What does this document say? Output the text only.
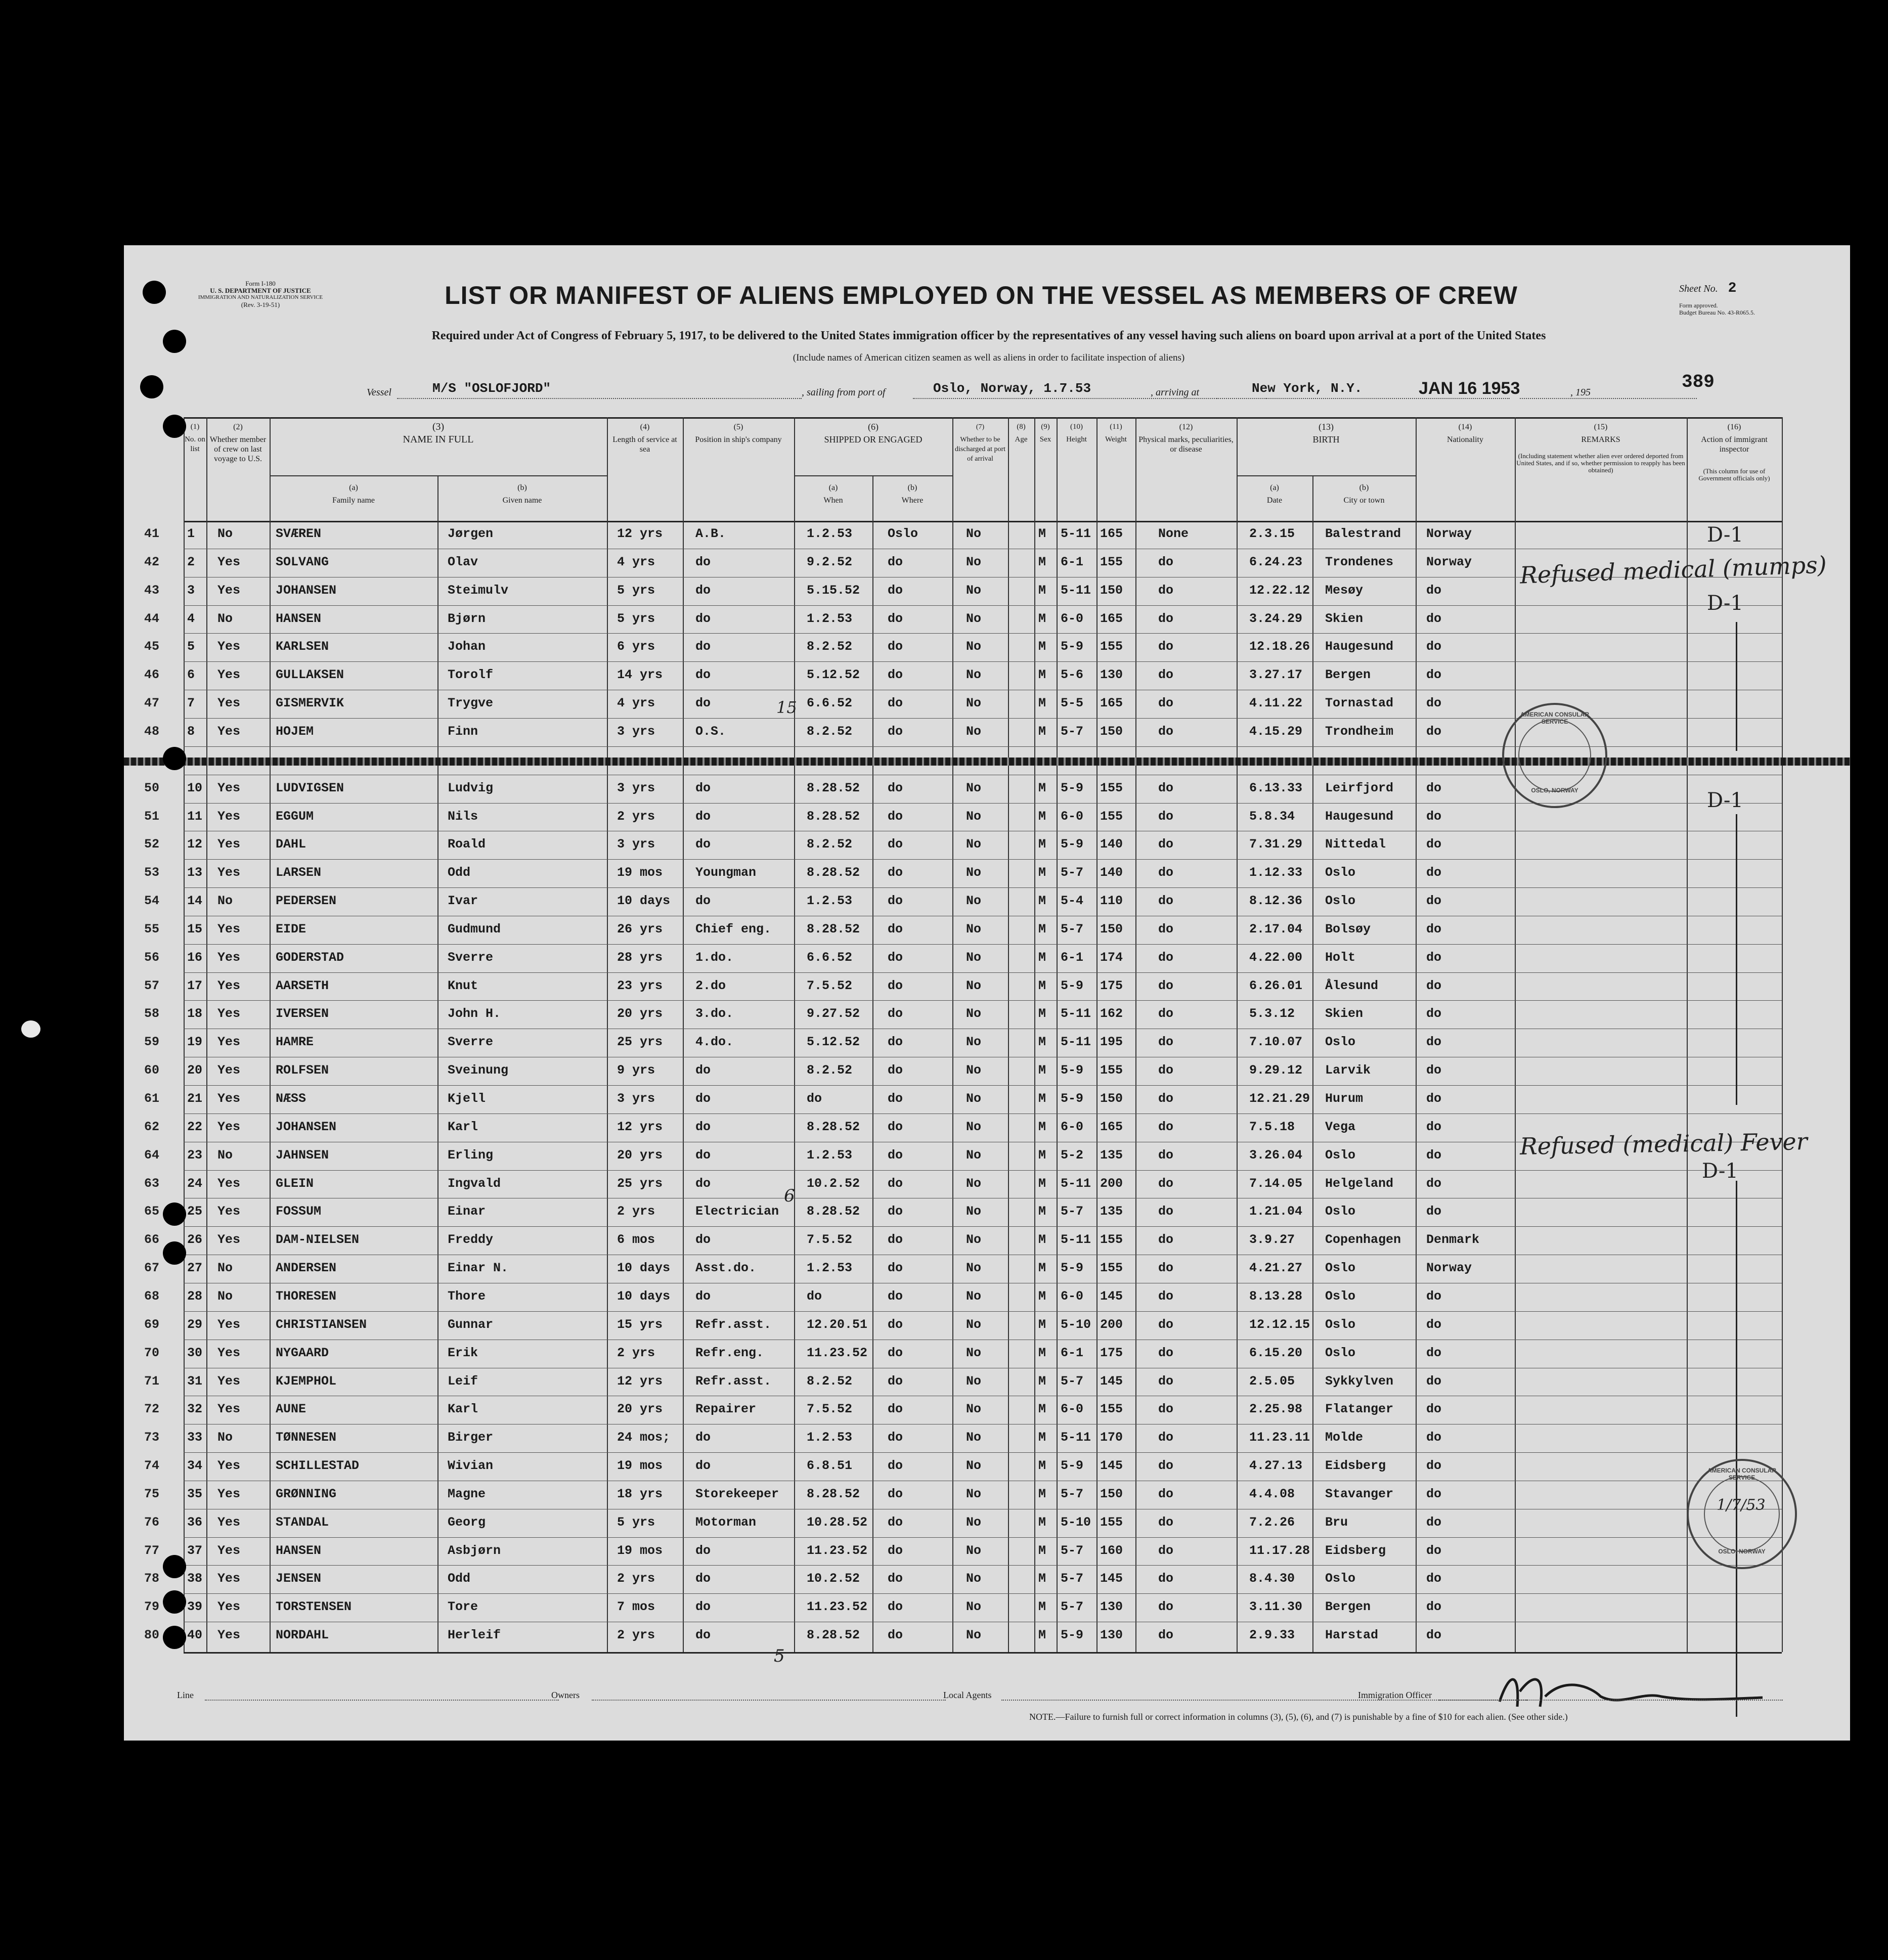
Form I-180
U. S. DEPARTMENT OF JUSTICE
IMMIGRATION AND NATURALIZATION SERVICE
(Rev. 3-19-51)	LIST OR MANIFEST OF ALIENS EMPLOYED ON THE VESSEL AS MEMBERS OF CREW
Required under Act of Congress of February 5, 1917, to be delivered to the United States immigration officer by the representatives of any vessel having such aliens on board upon arrival at a port of the United States
(Include names of American citizen seamen as well as aliens in order to facilitate inspection of aliens)
Sheet No. 2
Form approved.
Budget Bureau No. 43-R065.5.
389
Vessel	M/S "OSLOFJORD"	, sailing from port of	Oslo, Norway, 1.7.53	, arriving at	New York, N.Y.	JAN 16 1953	, 195
(1)
No. on list
(2)
Whether member of crew on last voyage to U.S.
(3)
NAME IN FULL
(a)
Family name
(b)
Given name
(4)
Length of service at sea
(5)
Position in ship's company
(6)
SHIPPED OR ENGAGED
(a)
When
(b)
Where
(7)
Whether to be discharged at port of arrival
(8)
Age
(9)
Sex
(10)
Height
(11)
Weight
(12)
Physical marks, peculiarities, or disease
(13)
BIRTH
(a)
Date
(b)
City or town
(14)
Nationality
(15)
REMARKS
(Including statement whether alien ever ordered deported from United States, and if so, whether permission to reapply has been obtained)
(16)
Action of immigrant inspector
(This column for use of Government officials only)
41 1 No	SVÆREN	Jørgen	12 yrs	A.B.	1.2.53	Oslo	No	M 5-11 165	None	2.3.15 Balestrand Norway
42 2 Yes	SOLVANG	Olav	4 yrs	do	9.2.52	do	No	M 6-1 155	do	6.24.23 Trondenes	Norway
43 3 Yes	JOHANSEN	Steimulv	5 yrs	do	5.15.52 do	No	M 5-11 150	do	12.22.12 Mesøy	do
44 4 No	HANSEN	Bjørn	5 yrs	do	1.2.53	do	No	M 6-0 165	do	3.24.29 Skien	do
45 5 Yes	KARLSEN	Johan	6 yrs	do	8.2.52	do	No	M 5-9 155	do	12.18.26 Haugesund	do
46 6 Yes	GULLAKSEN	Torolf	14 yrs	do	5.12.52 do	No	M 5-6 130	do	3.27.17 Bergen	do
47 7 Yes	GISMERVIK	Trygve	4 yrs	do	6.6.52	do	No	M 5-5 165	do	4.11.22 Tornastad	do
48 8 Yes	HOJEM	Finn	3 yrs	O.S.	8.2.52	do	No	M 5-7 150	do	4.15.29 Trondheim	do
50 10 Yes	LUDVIGSEN	Ludvig	3 yrs	do	8.28.52 do	No	M 5-9 155	do	6.13.33 Leirfjord	do
51 11 Yes	EGGUM	Nils	2 yrs	do	8.28.52 do	No	M 6-0 155	do	5.8.34 Haugesund	do
52 12 Yes	DAHL	Roald	3 yrs	do	8.2.52	do	No	M 5-9 140	do	7.31.29 Nittedal	do
53 13 Yes	LARSEN	Odd	19 mos	Youngman	8.28.52 do	No	M 5-7 140	do	1.12.33 Oslo	do
54 14 No	PEDERSEN	Ivar	10 days do	1.2.53	do	No	M 5-4 110	do	8.12.36 Oslo	do
55 15 Yes	EIDE	Gudmund	26 yrs	Chief eng.	8.28.52 do	No	M 5-7 150	do	2.17.04 Bolsøy	do
56 16 Yes	GODERSTAD	Sverre	28 yrs	1.do.	6.6.52	do	No	M 6-1 174	do	4.22.00 Holt	do
57 17 Yes	AARSETH	Knut	23 yrs	2.do	7.5.52	do	No	M 5-9 175	do	6.26.01 Ålesund	do
58 18 Yes	IVERSEN	John H.	20 yrs	3.do.	9.27.52 do	No	M 5-11 162	do	5.3.12 Skien	do
59 19 Yes	HAMRE	Sverre	25 yrs	4.do.	5.12.52 do	No	M 5-11 195	do	7.10.07 Oslo	do
60 20 Yes	ROLFSEN	Sveinung	9 yrs	do	8.2.52	do	No	M 5-9 155	do	9.29.12 Larvik	do
61 21 Yes	NÆSS	Kjell	3 yrs	do	do	do	No	M 5-9 150	do	12.21.29 Hurum	do
62 22 Yes	JOHANSEN	Karl	12 yrs	do	8.28.52 do	No	M 6-0 165	do	7.5.18 Vega	do
64 23 No	JAHNSEN	Erling	20 yrs	do	1.2.53	do	No	M 5-2 135	do	3.26.04 Oslo	do
63 24 Yes	GLEIN	Ingvald	25 yrs	do	10.2.52 do	No	M 5-11 200	do	7.14.05 Helgeland	do
65 25 Yes	FOSSUM	Einar	2 yrs	Electrician 8.28.52 do	No	M 5-7 135	do	1.21.04 Oslo	do
66 26 Yes	DAM-NIELSEN	Freddy	6 mos	do	7.5.52	do	No	M 5-11 155	do	3.9.27 Copenhagen Denmark
67 27 No	ANDERSEN	Einar N.	10 days Asst.do.	1.2.53	do	No	M 5-9 155	do	4.21.27 Oslo	Norway
68 28 No	THORESEN	Thore	10 days do	do	do	No	M 6-0 145	do	8.13.28 Oslo	do
69 29 Yes	CHRISTIANSEN	Gunnar	15 yrs	Refr.asst.	12.20.51 do	No	M 5-10 200	do	12.12.15 Oslo	do
70 30 Yes	NYGAARD	Erik	2 yrs	Refr.eng.	11.23.52 do	No	M 6-1 175	do	6.15.20 Oslo	do
71 31 Yes	KJEMPHOL	Leif	12 yrs	Refr.asst.	8.2.52	do	No	M 5-7 145	do	2.5.05 Sykkylven	do
72 32 Yes	AUNE	Karl	20 yrs	Repairer	7.5.52	do	No	M 6-0 155	do	2.25.98 Flatanger	do
73 33 No	TØNNESEN	Birger	24 mos; do	1.2.53	do	No	M 5-11 170	do	11.23.11 Molde	do
74 34 Yes	SCHILLESTAD	Wivian	19 mos	do	6.8.51	do	No	M 5-9 145	do	4.27.13 Eidsberg	do
75 35 Yes	GRØNNING	Magne	18 yrs	Storekeeper 8.28.52 do	No	M 5-7 150	do	4.4.08 Stavanger	do
76 36 Yes	STANDAL	Georg	5 yrs	Motorman	10.28.52 do	No	M 5-10 155	do	7.2.26 Bru	do
77 37 Yes	HANSEN	Asbjørn	19 mos	do	11.23.52 do	No	M 5-7 160	do	11.17.28 Eidsberg	do
78 38 Yes	JENSEN	Odd	2 yrs	do	10.2.52 do	No	M 5-7 145	do	8.4.30 Oslo	do
79 39 Yes	TORSTENSEN	Tore	7 mos	do	11.23.52 do	No	M 5-7 130	do	3.11.30 Bergen	do
80 40 Yes	NORDAHL	Herleif	2 yrs	do	8.28.52 do	No	M 5-9 130	do	2.9.33 Harstad	do
Refused medical (mumps)
Refused (medical) Fever
D-1
D-1
D-1
D-1
15
6
5
AMERICAN CONSULAR SERVICE
OSLO, NORWAY
AMERICAN CONSULAR SERVICE
1/7/53
OSLO, NORWAY
Line	Owners	Local Agents	Immigration Officer
NOTE.—Failure to furnish full or correct information in columns (3), (5), (6), and (7) is punishable by a fine of $10 for each alien. (See other side.)
